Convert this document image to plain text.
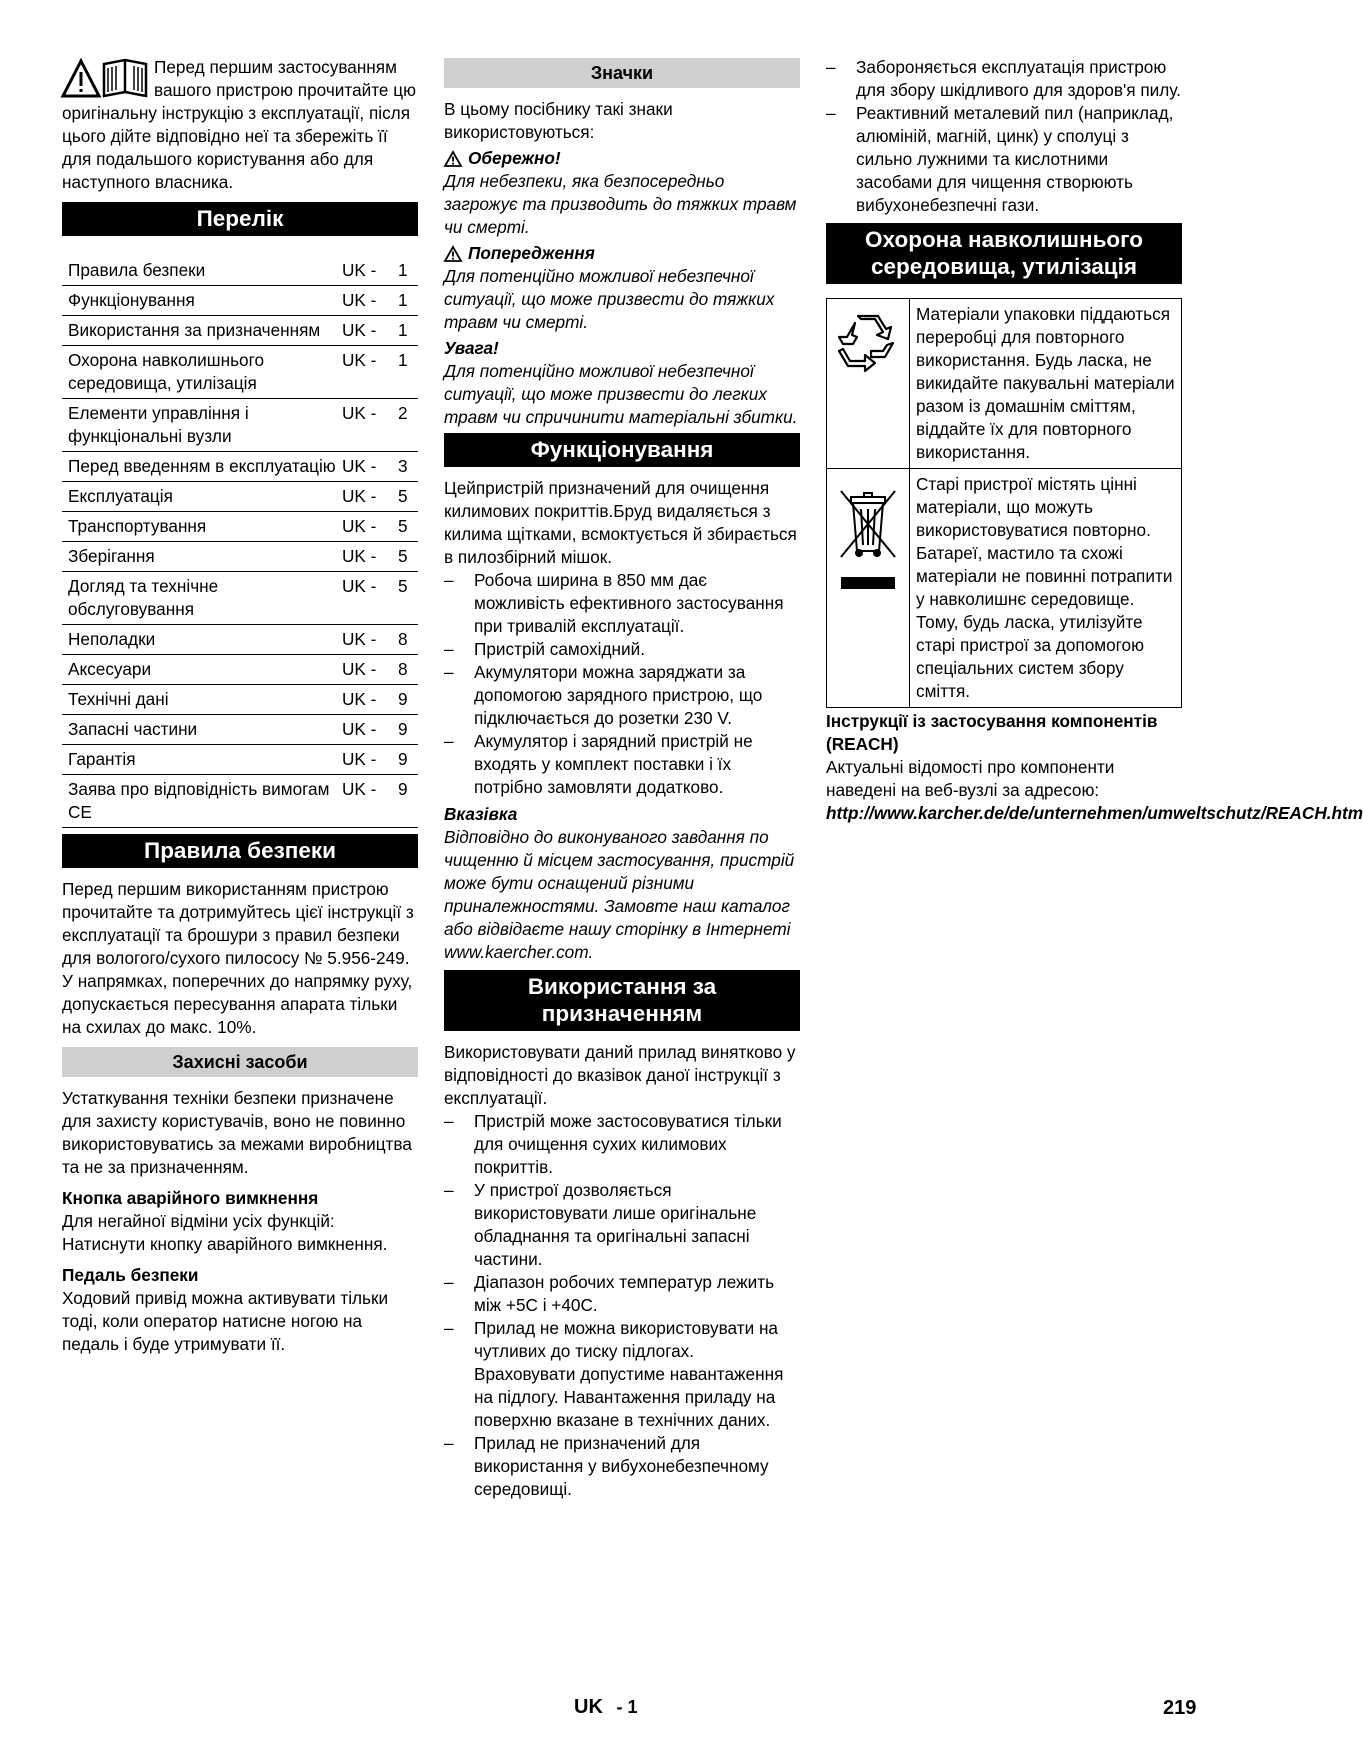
Перед першим застосуванням вашого пристрою прочитайте цю оригінальну інструкцію з експлуатації, після цього дійте відповідно неї та збережіть її для подальшого користування або для наступного власника.

Перелік
Правила безпеки	UK -	1
Функціонування	UK -	1
Використання за призначенням	UK -	1
Охорона навколишнього середовища, утилізація	UK -	1
Елементи управління і функціональні вузли	UK -	2
Перед введенням в експлуатацію	UK -	3
Експлуатація	UK -	5
Транспортування	UK -	5
Зберігання	UK -	5
Догляд та технічне обслуговування	UK -	5
Неполадки	UK -	8
Аксесуари	UK -	8
Технічні дані	UK -	9
Запасні частини	UK -	9
Гарантія	UK -	9
Заява про відповідність вимогам CE	UK -	9
Правила безпеки

Перед першим використанням пристрою прочитайте та дотримуйтесь цієї інструкції з експлуатації та брошури з правил безпеки для вологого/сухого пилососу № 5.956-249.

У напрямках, поперечних до напрямку руху, допускається пересування апарата тільки на схилах до макс. 10%.

Захисні засоби

Устаткування техніки безпеки призначене для захисту користувачів, воно не повинно використовуватись за межами виробництва та не за призначенням.

Кнопка аварійного вимкнення

Для негайної відміни усіх функцій: Натиснути кнопку аварійного вимкнення.

Педаль безпеки

Ходовий привід можна активувати тільки тоді, коли оператор натисне ногою на педаль і буде утримувати її.

Значки

В цьому посібнику такі знаки використовуються:

Обережно!

Для небезпеки, яка безпосередньо загрожує та призводить до тяжких травм чи смерті.

Попередження

Для потенційно можливої небезпечної ситуації, що може призвести до тяжких травм чи смерті.

Увага!

Для потенційно можливої небезпечної ситуації, що може призвести до легких травм чи спричинити матеріальні збитки.

Функціонування

Цейпристрій призначений для очищення килимових покриттів.Бруд видаляється з килима щітками, всмоктується й збирається в пилозбірний мішок.

– Робоча ширина в 850 мм дає можливість ефективного застосування при тривалій експлуатації.
– Пристрій самохідний.
– Акумулятори можна заряджати за допомогою зарядного пристрою, що підключається до розетки 230 V.
– Акумулятор і зарядний пристрій не входять у комплект поставки і їх потрібно замовляти додатково.

Вказівка

Відповідно до виконуваного завдання по чищенню й місцем застосування, пристрій може бути оснащений різними приналежностями. Замовте наш каталог або відвідаєте нашу сторінку в Інтернеті www.kaercher.com.

Використання за призначенням

Використовувати даний прилад винятково у відповідності до вказівок даної інструкції з експлуатації.

– Пристрій може застосовуватися тільки для очищення сухих килимових покриттів.
– У пристрої дозволяється використовувати лише оригінальне обладнання та оригінальні запасні частини.
– Діапазон робочих температур лежить між +5С і +40С.
– Прилад не можна використовувати на чутливих до тиску підлогах. Враховувати допустиме навантаження на підлогу. Навантаження приладу на поверхню вказане в технічних даних.
– Прилад не призначений для використання у вибухонебезпечному середовищі.
– Забороняється експлуатація пристрою для збору шкідливого для здоров'я пилу.
– Реактивний металевий пил (наприклад, алюміній, магній, цинк) у сполуці з сильно лужними та кислотними засобами для чищення створюють вибухонебезпечні гази.
Охорона навколишнього середовища, утилізація
	Матеріали упаковки піддаються переробці для повторного використання. Будь ласка, не викидайте пакувальні матеріали разом із домашнім сміттям, віддайте їх для повторного використання.
	Старі пристрої містять цінні матеріали, що можуть використовуватися повторно. Батареї, мастило та схожі матеріали не повинні потрапити у навколишнє середовище. Тому, будь ласка, утилізуйте старі пристрої за допомогою спеціальних систем збору сміття.

Інструкції із застосування компонентів (REACH)

Актуальні відомості про компоненти наведені на веб-вузлі за адресою:

http://www.karcher.de/de/unternehmen/umweltschutz/REACH.htm

UK - 1	219
